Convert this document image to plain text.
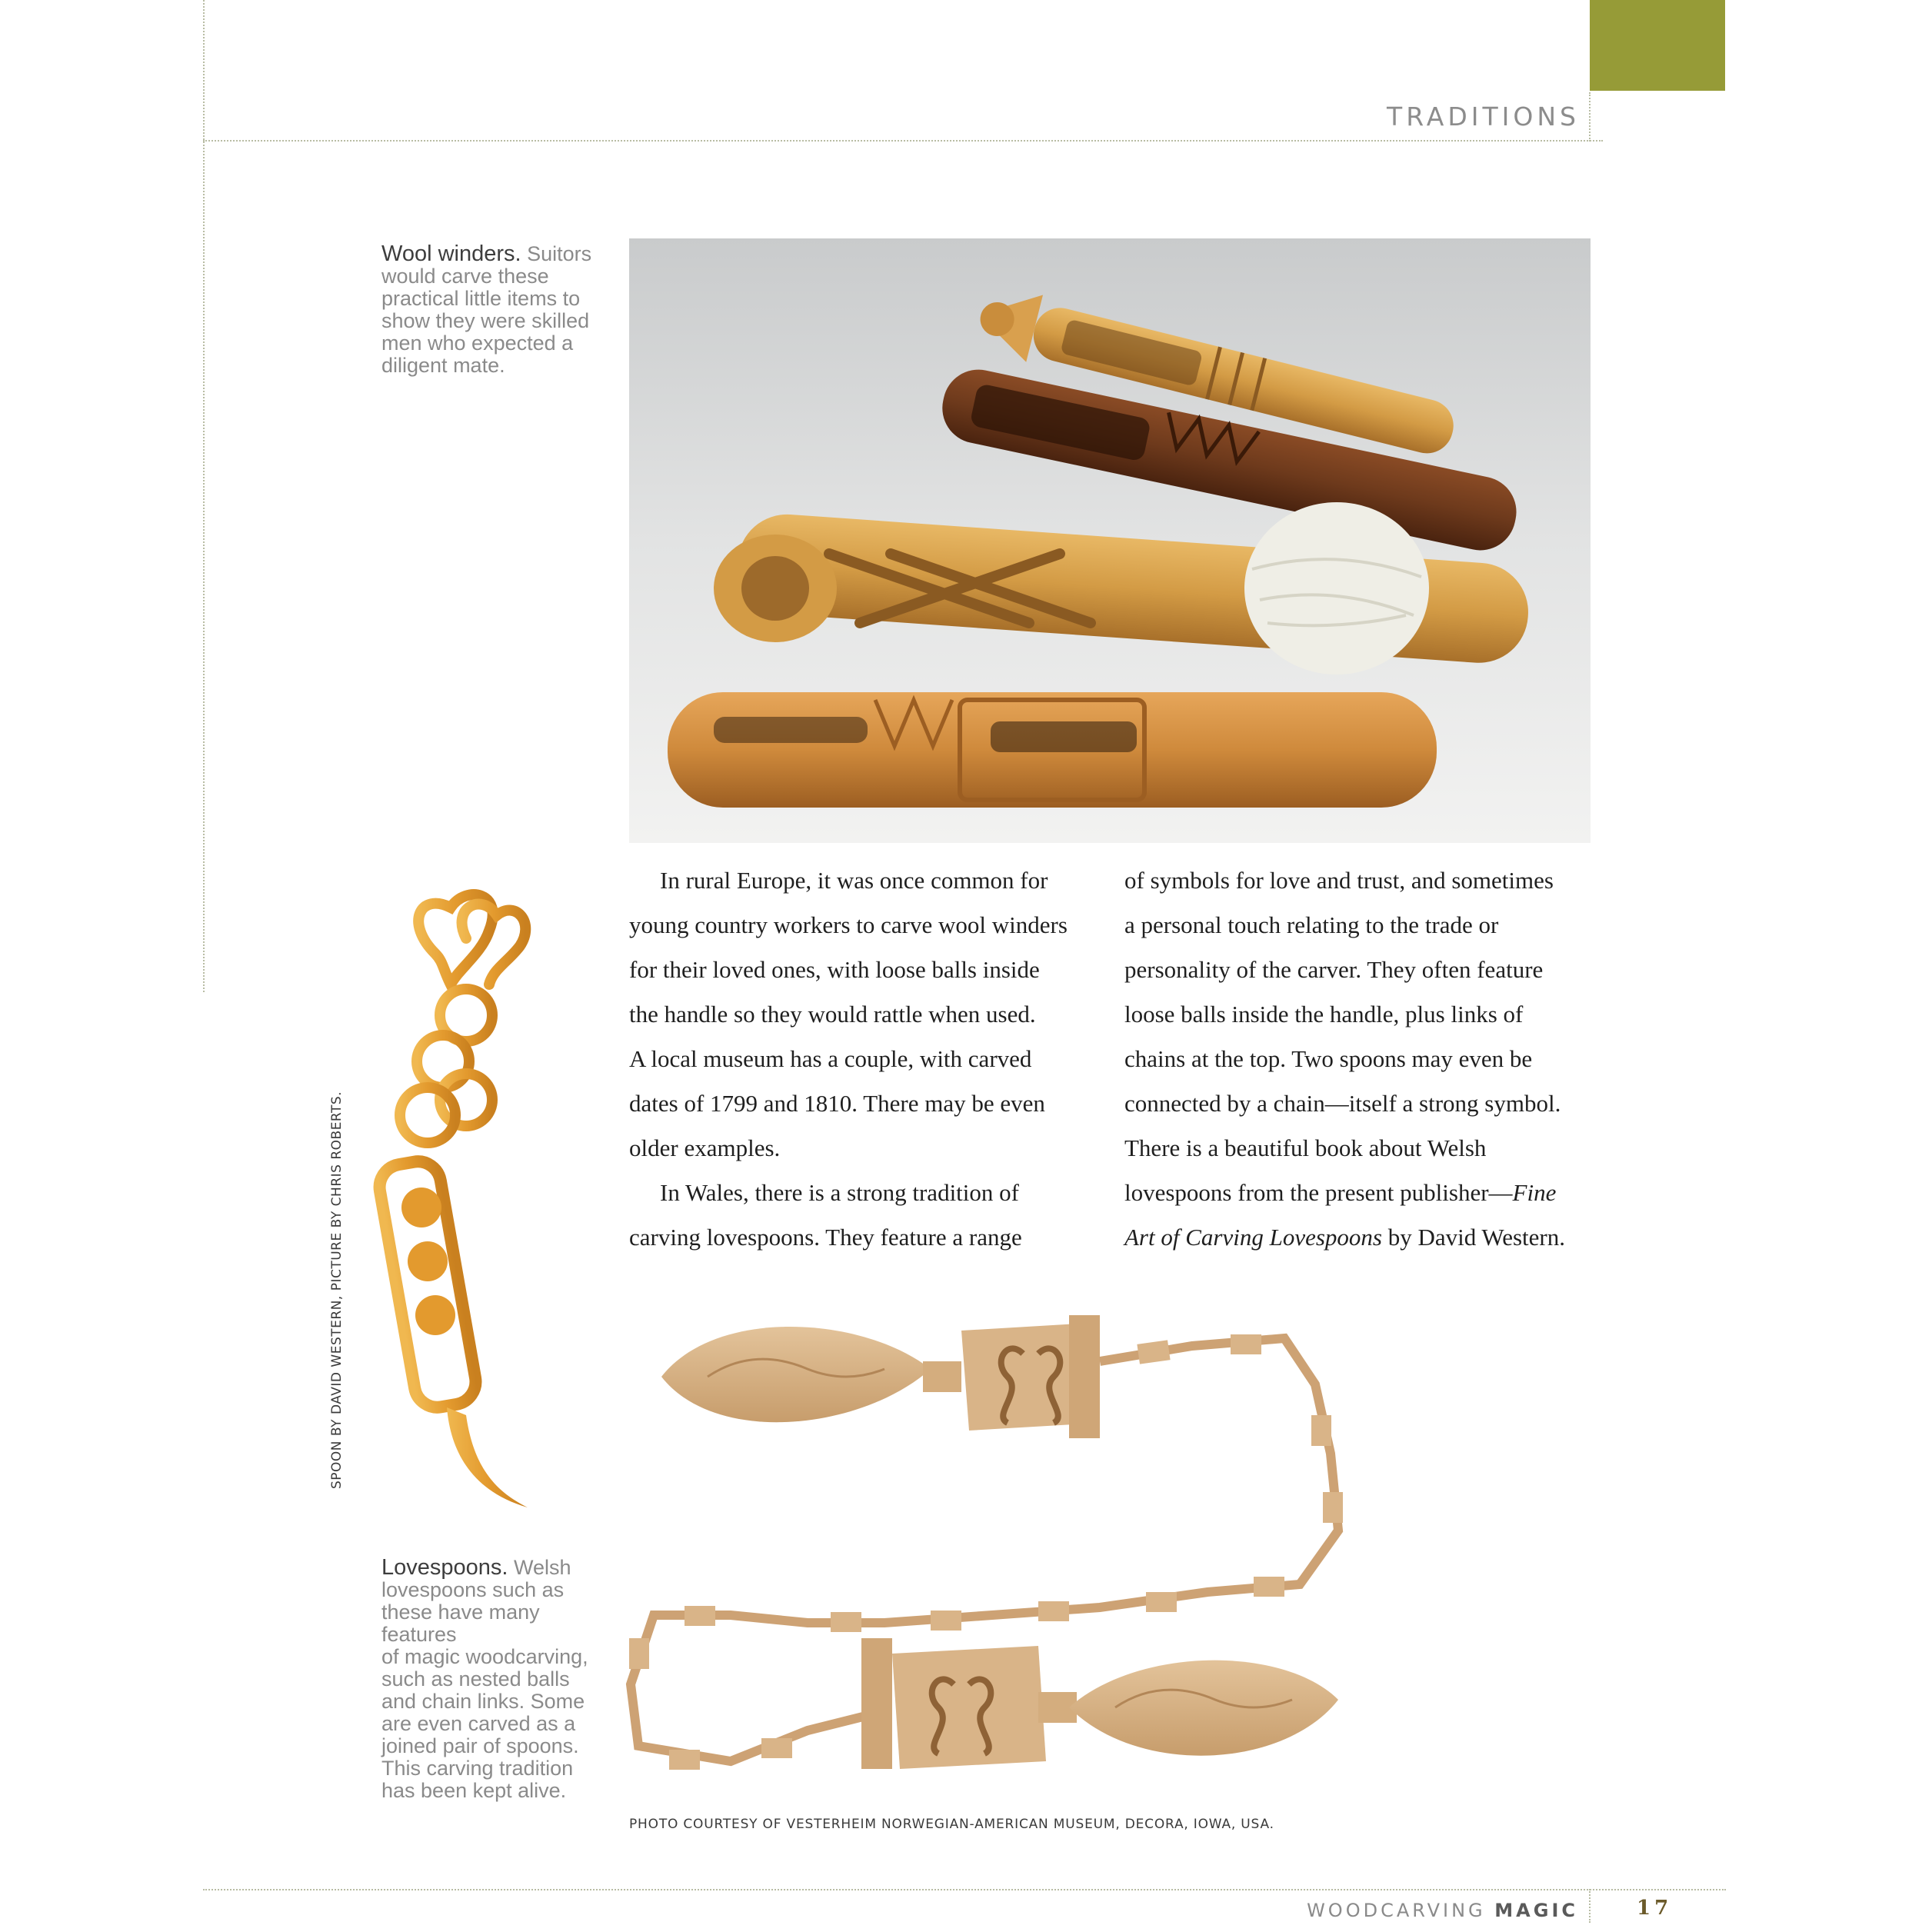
TRADITIONS
Wool winders. Suitors
would carve these
practical little items to
show they were skilled
men who expected a
diligent mate.

In rural Europe, it was once common for
young country workers to carve wool winders
for their loved ones, with loose balls inside
the handle so they would rattle when used.
A local museum has a couple, with carved
dates of 1799 and 1810. There may be even
older examples.

In Wales, there is a strong tradition of
carving lovespoons. They feature a range

of symbols for love and trust, and sometimes
a personal touch relating to the trade or
personality of the carver. They often feature
loose balls inside the handle, plus links of
chains at the top. Two spoons may even be
connected by a chain—itself a strong symbol.
There is a beautiful book about Welsh
lovespoons from the present publisher—Fine
Art of Carving Lovespoons by David Western.

SPOON BY DAVID WESTERN, PICTURE BY CHRIS ROBERTS.
Lovespoons. Welsh
lovespoons such as
these have many features
of magic woodcarving,
such as nested balls
and chain links. Some
are even carved as a
joined pair of spoons.
This carving tradition
has been kept alive.
PHOTO COURTESY OF VESTERHEIM NORWEGIAN-AMERICAN MUSEUM, DECORA, IOWA, USA.
WOODCARVING MAGIC	17
